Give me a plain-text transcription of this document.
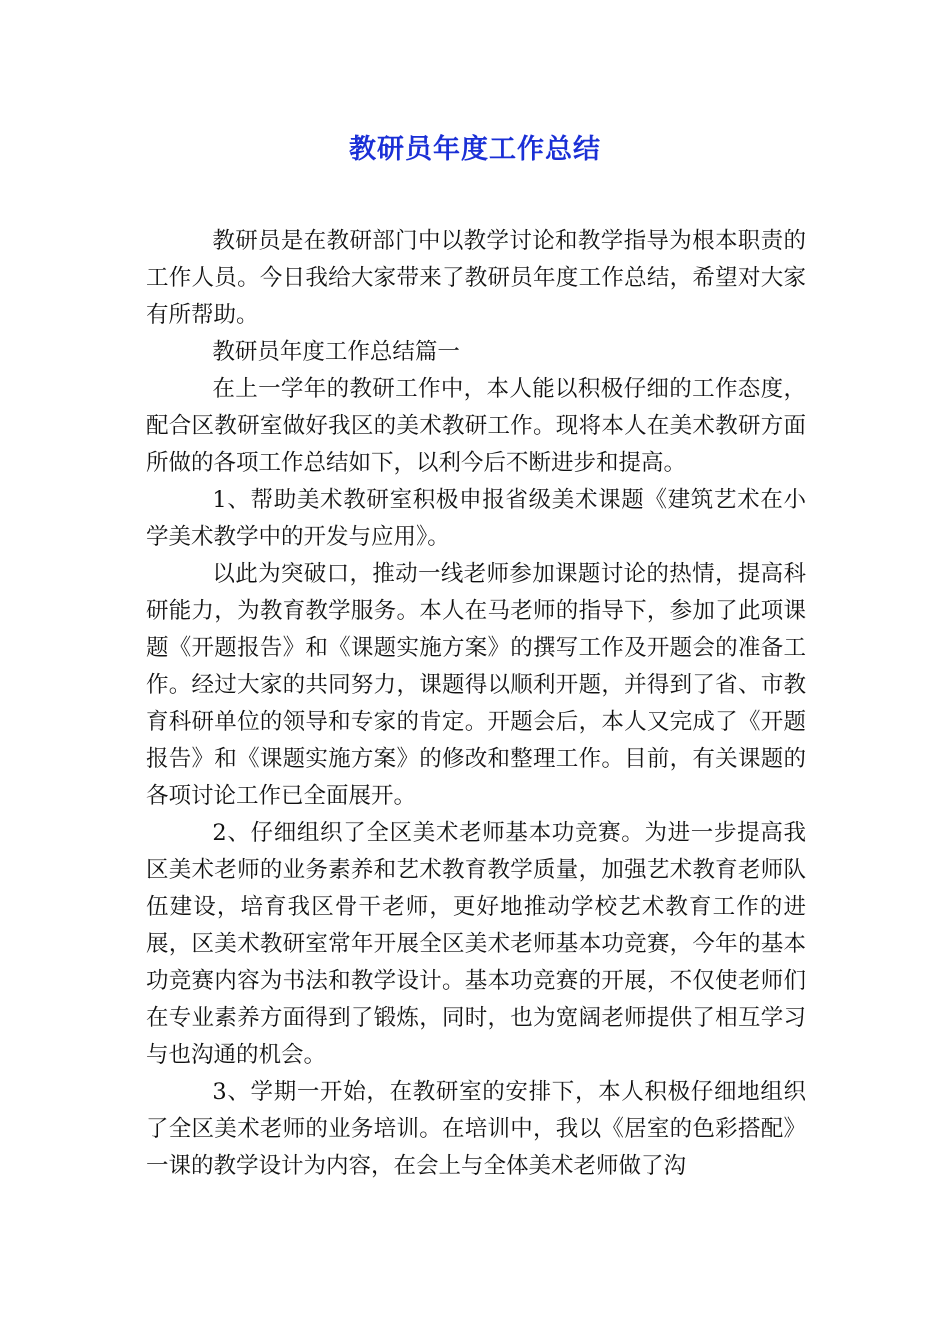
教研员年度工作总结

教研员是在教研部门中以教学讨论和教学指导为根本职责的工作人员。今日我给大家带来了教研员年度工作总结，希望对大家有所帮助。

教研员年度工作总结篇一

在上一学年的教研工作中，本人能以积极仔细的工作态度，配合区教研室做好我区的美术教研工作。现将本人在美术教研方面所做的各项工作总结如下，以利今后不断进步和提高。

1、帮助美术教研室积极申报省级美术课题《建筑艺术在小学美术教学中的开发与应用》。

以此为突破口，推动一线老师参加课题讨论的热情，提高科研能力，为教育教学服务。本人在马老师的指导下，参加了此项课题《开题报告》和《课题实施方案》的撰写工作及开题会的准备工作。经过大家的共同努力，课题得以顺利开题，并得到了省、市教育科研单位的领导和专家的肯定。开题会后，本人又完成了《开题报告》和《课题实施方案》的修改和整理工作。目前，有关课题的各项讨论工作已全面展开。

2、仔细组织了全区美术老师基本功竞赛。为进一步提高我区美术老师的业务素养和艺术教育教学质量，加强艺术教育老师队伍建设，培育我区骨干老师，更好地推动学校艺术教育工作的进展，区美术教研室常年开展全区美术老师基本功竞赛，今年的基本功竞赛内容为书法和教学设计。基本功竞赛的开展，不仅使老师们在专业素养方面得到了锻炼，同时，也为宽阔老师提供了相互学习与也沟通的机会。

3、学期一开始，在教研室的安排下，本人积极仔细地组织了全区美术老师的业务培训。在培训中，我以《居室的色彩搭配》一课的教学设计为内容，在会上与全体美术老师做了沟
